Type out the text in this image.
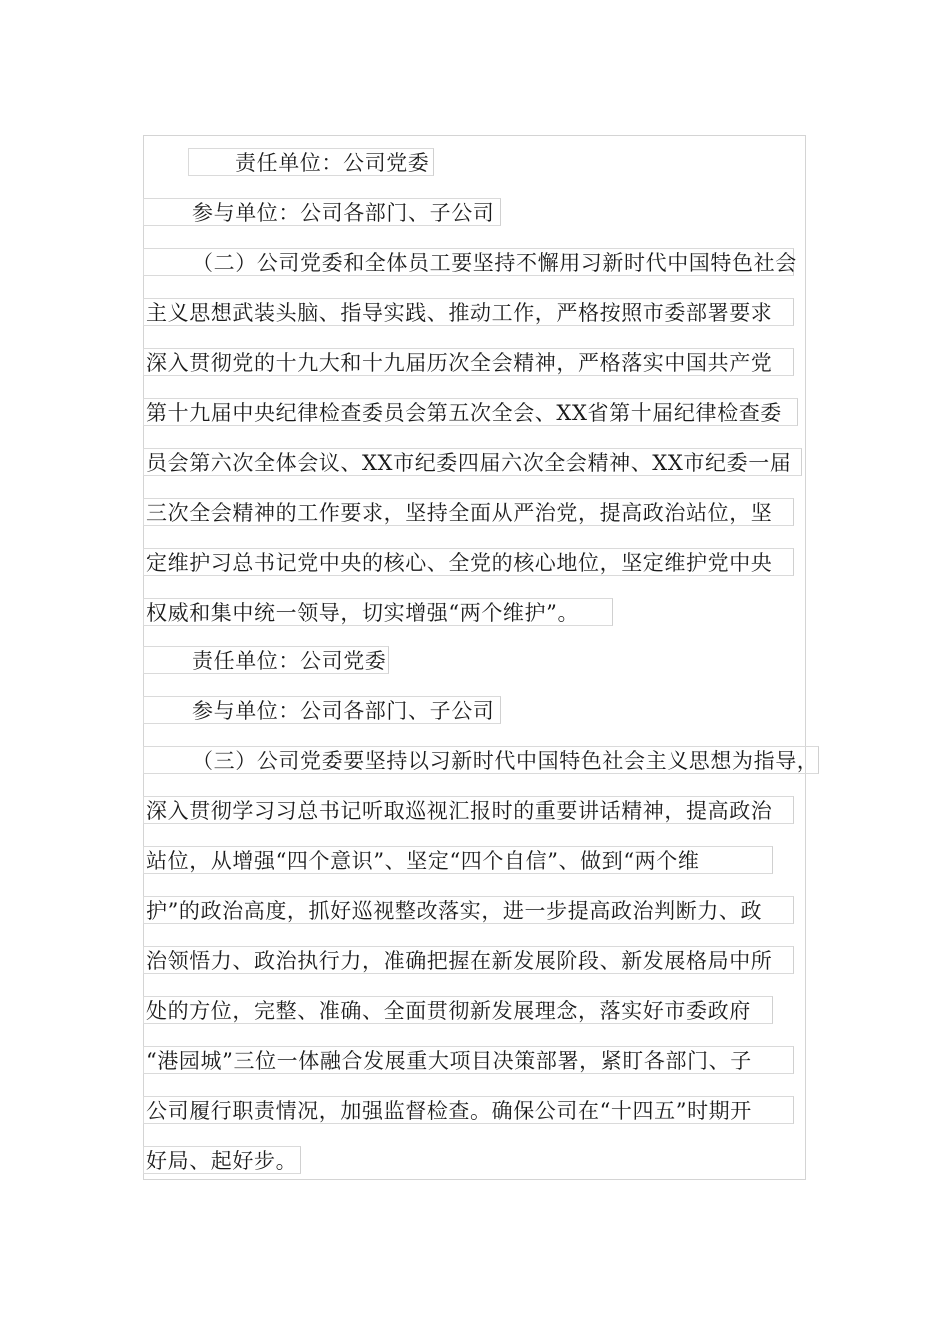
责任单位：公司党委
参与单位：公司各部门、子公司
（二）公司党委和全体员工要坚持不懈用习新时代中国特色社会
主义思想武装头脑、指导实践、推动工作，严格按照市委部署要求
深入贯彻党的十九大和十九届历次全会精神，严格落实中国共产党
第十九届中央纪律检查委员会第五次全会、XX省第十届纪律检查委
员会第六次全体会议、XX市纪委四届六次全会精神、XX市纪委一届
三次全会精神的工作要求，坚持全面从严治党，提高政治站位，坚
定维护习总书记党中央的核心、全党的核心地位，坚定维护党中央
权威和集中统一领导，切实增强“两个维护”。
责任单位：公司党委
参与单位：公司各部门、子公司
（三）公司党委要坚持以习新时代中国特色社会主义思想为指导，
深入贯彻学习习总书记听取巡视汇报时的重要讲话精神，提高政治
站位，从增强“四个意识”、坚定“四个自信”、做到“两个维
护”的政治高度，抓好巡视整改落实，进一步提高政治判断力、政
治领悟力、政治执行力，准确把握在新发展阶段、新发展格局中所
处的方位，完整、准确、全面贯彻新发展理念，落实好市委政府
“港园城”三位一体融合发展重大项目决策部署，紧盯各部门、子
公司履行职责情况，加强监督检查。确保公司在“十四五”时期开
好局、起好步。
